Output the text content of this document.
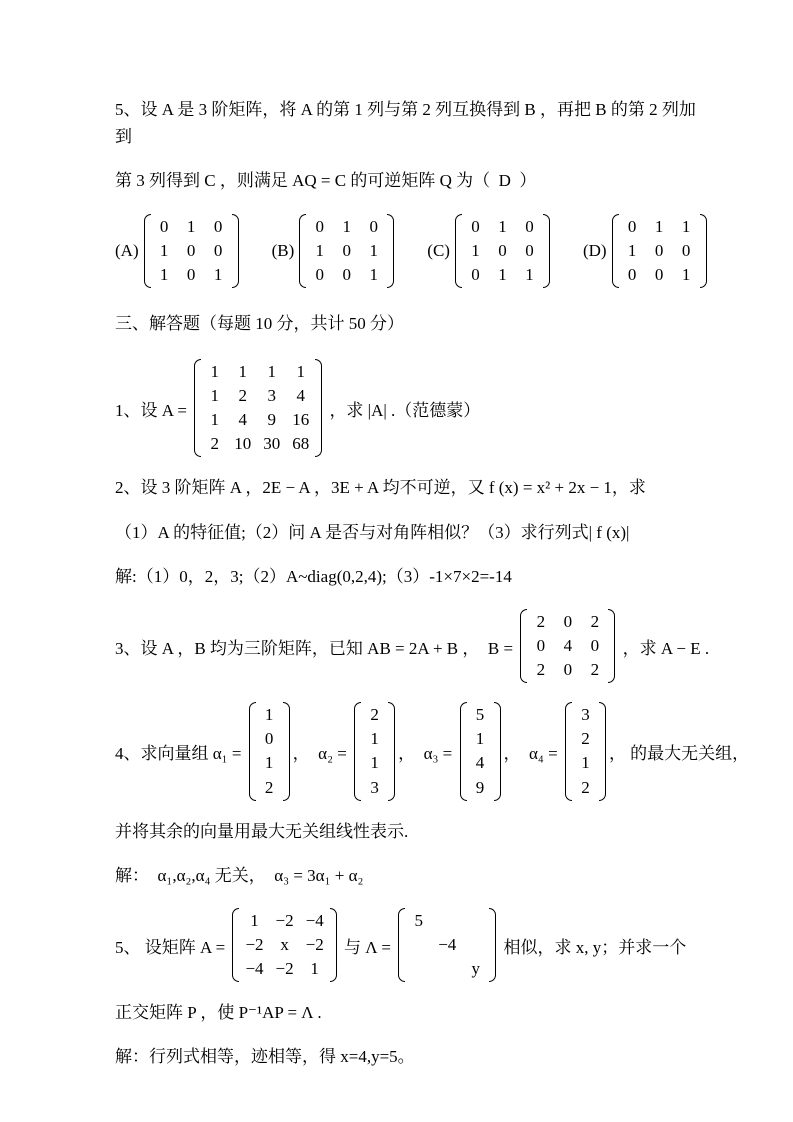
5、设 A 是 3 阶矩阵，将 A 的第 1 列与第 2 列互换得到 B ，再把 B 的第 2 列加到

第 3 列得到 C ，则满足 AQ = C 的可逆矩阵 Q 为（  D  ）

(A)
0 1 0
1 0 0
1 0 1
(B)
0 1 0
1 0 1
0 0 1
(C)
0 1 0
1 0 0
0 1 1
(D)
0 1 1
1 0 0
0 0 1

三、解答题（每题 10 分，共计 50 分）

1、设 A =
1 1 1 1
1 2 3 4
1 4 9 16
2 10 30 68
，求 |A| .（范德蒙）

2、设 3 阶矩阵 A ，2E − A ，3E + A 均不可逆，又 f (x) = x² + 2x − 1，求

（1）A 的特征值;（2）问 A 是否与对角阵相似？（3）求行列式| f (x)|

解:（1）0，2，3;（2）A~diag(0,2,4);（3）-1×7×2=-14

3、设 A ，B 均为三阶矩阵，已知 AB = 2A + B ，  B =
2 0 2
0 4 0
2 0 2
，求 A − E .
4、求向量组 α₁ =
1
0
1
2
，  α₂ =
2
1
1
3
，  α₃ =
5
1
4
9
，  α₄ =
3
2
1
2
， 的最大无关组，

并将其余的向量用最大无关组线性表示.

解：  α₁,α₂,α₄ 无关，  α₃ = 3α₁ + α₂

5、 设矩阵 A =
1 −2 −4
−2 x −2
−4 −2 1
与 Λ =
5
−4
y
相似，求 x, y；并求一个

正交矩阵 P ，使 P⁻¹AP = Λ .

解：行列式相等，迹相等，得 x=4,y=5。
